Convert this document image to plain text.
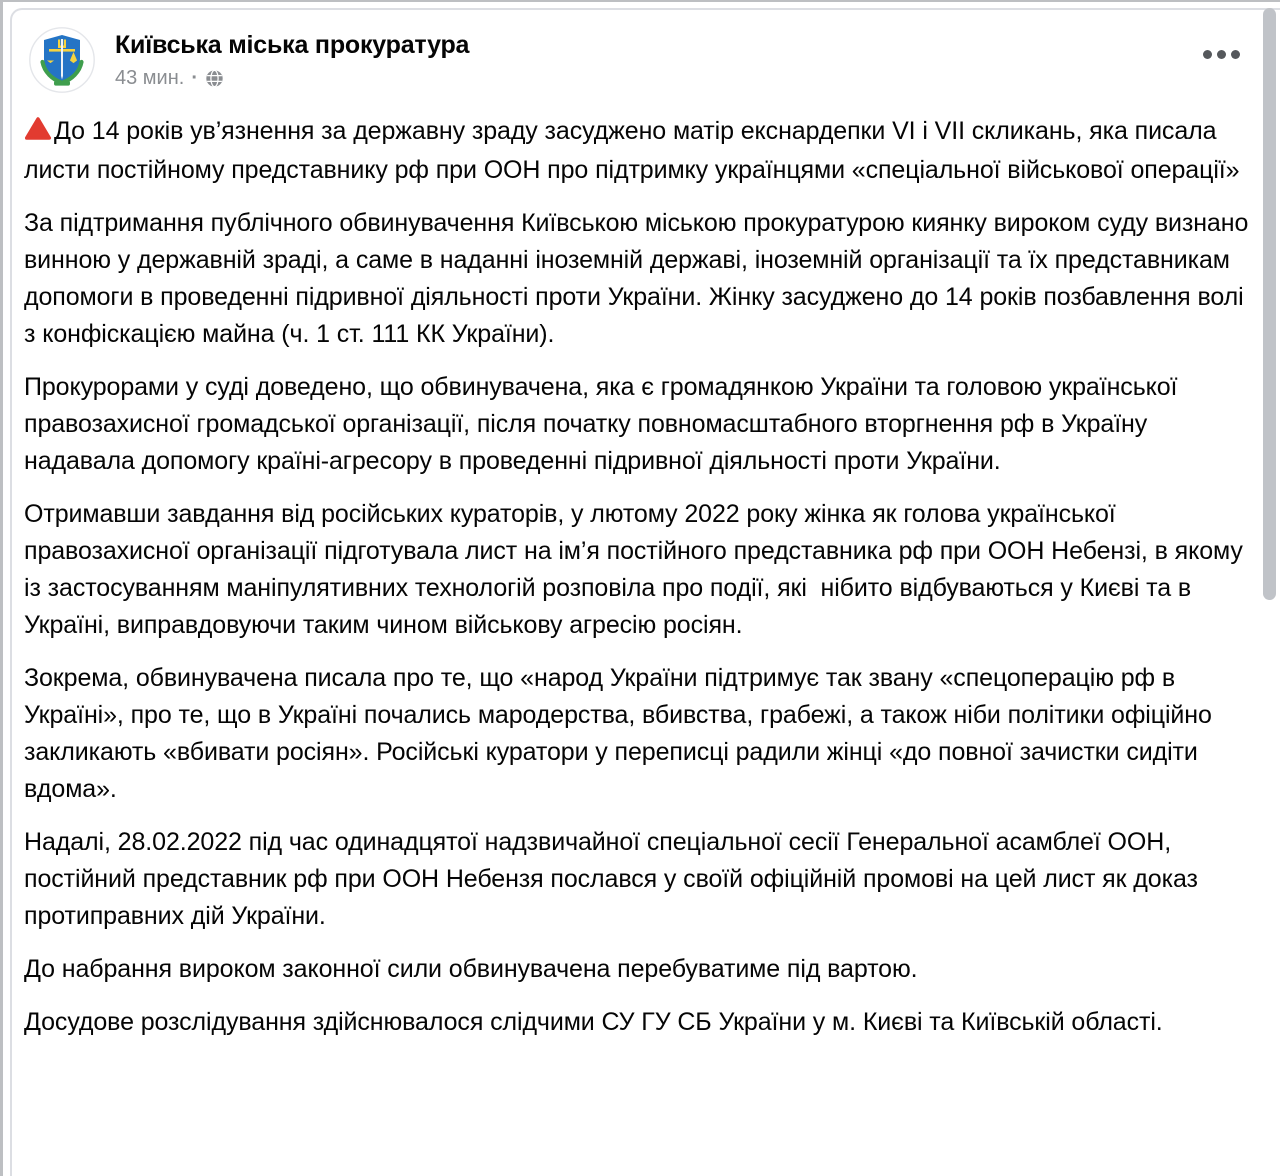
Київська міська прокуратура
43 мин. ·

До 14 років ув’язнення за державну зраду засуджено матір екснардепки VI і VII скликань, яка писала листи постійному представнику рф при ООН про підтримку українцями «спеціальної військової операції»

За підтримання публічного обвинувачення Київською міською прокуратурою киянку вироком суду визнано винною у державній зраді, а саме в наданні іноземній державі, іноземній організації та їх представникам допомоги в проведенні підривної діяльності проти України. Жінку засуджено до 14 років позбавлення волі з конфіскацією майна (ч. 1 ст. 111 КК України).

Прокурорами у суді доведено, що обвинувачена, яка є громадянкою України та головою української правозахисної громадської організації, після початку повномасштабного вторгнення рф в Україну надавала допомогу країні-агресору в проведенні підривної діяльності проти України.

Отримавши завдання від російських кураторів, у лютому 2022 року жінка як голова української правозахисної організації підготувала лист на ім’я постійного представника рф при ООН Небензі, в якому із застосуванням маніпулятивних технологій розповіла про події, які  нібито відбуваються у Києві та в Україні, виправдовуючи таким чином військову агресію росіян.

Зокрема, обвинувачена писала про те, що «народ України підтримує так звану «спецоперацію рф в Україні», про те, що в Україні почались мародерства, вбивства, грабежі, а також ніби політики офіційно закликають «вбивати росіян». Російські куратори у переписці радили жінці «до повної зачистки сидіти вдома».

Надалі, 28.02.2022 під час одинадцятої надзвичайної спеціальної сесії Генеральної асамблеї ООН, постійний представник рф при ООН Небензя послався у своїй офіційній промові на цей лист як доказ протиправних дій України.

До набрання вироком законної сили обвинувачена перебуватиме під вартою.

Досудове розслідування здійснювалося слідчими СУ ГУ СБ України у м. Києві та Київській області.
